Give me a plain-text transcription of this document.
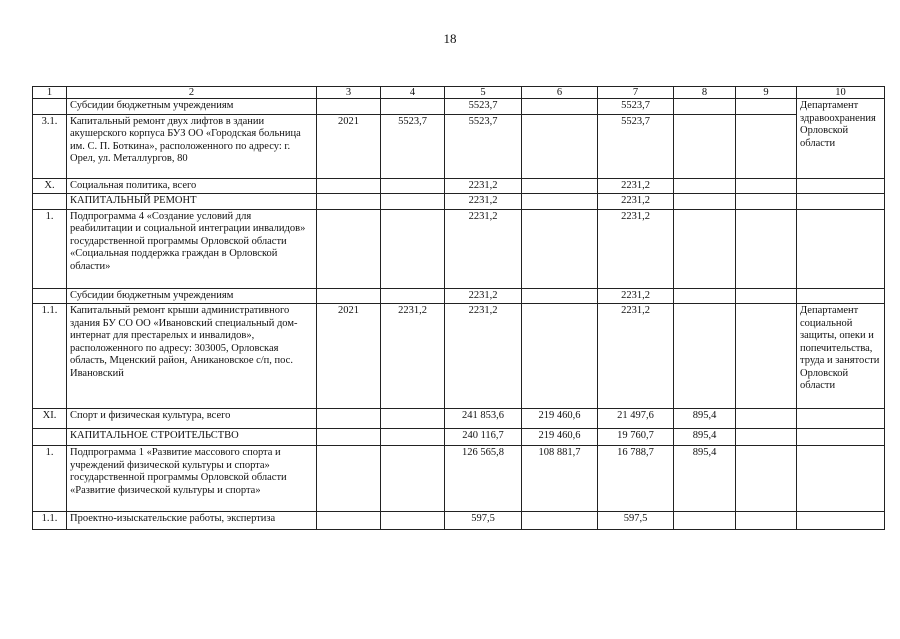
18
1	2	3	4	5	6	7	8	9	10
	Субсидии бюджетным учреждениям			5523,7		5523,7			Департамент здравоохранения Орловской области
3.1.	Капитальный ремонт двух лифтов в здании акушерского корпуса БУЗ ОО «Городская больница им. С. П. Боткина», расположенного по адресу: г. Орел, ул. Металлургов, 80	2021	5523,7	5523,7		5523,7			
X.	Социальная политика, всего			2231,2		2231,2			
	КАПИТАЛЬНЫЙ РЕМОНТ			2231,2		2231,2			
1.	Подпрограмма 4 «Создание условий для реабилитации и социальной интеграции инвалидов» государственной программы Орловской области «Социальная поддержка граждан в Орловской области»			2231,2		2231,2			
	Субсидии бюджетным учреждениям			2231,2		2231,2			
1.1.	Капитальный ремонт крыши административного здания БУ СО ОО «Ивановский специальный дом-интернат для престарелых и инвалидов», расположенного по адресу: 303005, Орловская область, Мценский район, Аникановское с/п, пос. Ивановский	2021	2231,2	2231,2		2231,2			Департамент социальной защиты, опеки и попечительства, труда и занятости Орловской области
XI.	Спорт и физическая культура, всего			241 853,6	219 460,6	21 497,6	895,4		
	КАПИТАЛЬНОЕ СТРОИТЕЛЬСТВО			240 116,7	219 460,6	19 760,7	895,4		
1.	Подпрограмма 1 «Развитие массового спорта и учреждений физической культуры и спорта» государственной программы Орловской области «Развитие физической культуры и спорта»			126 565,8	108 881,7	16 788,7	895,4		
1.1.	Проектно-изыскательские работы, экспертиза			597,5		597,5			
